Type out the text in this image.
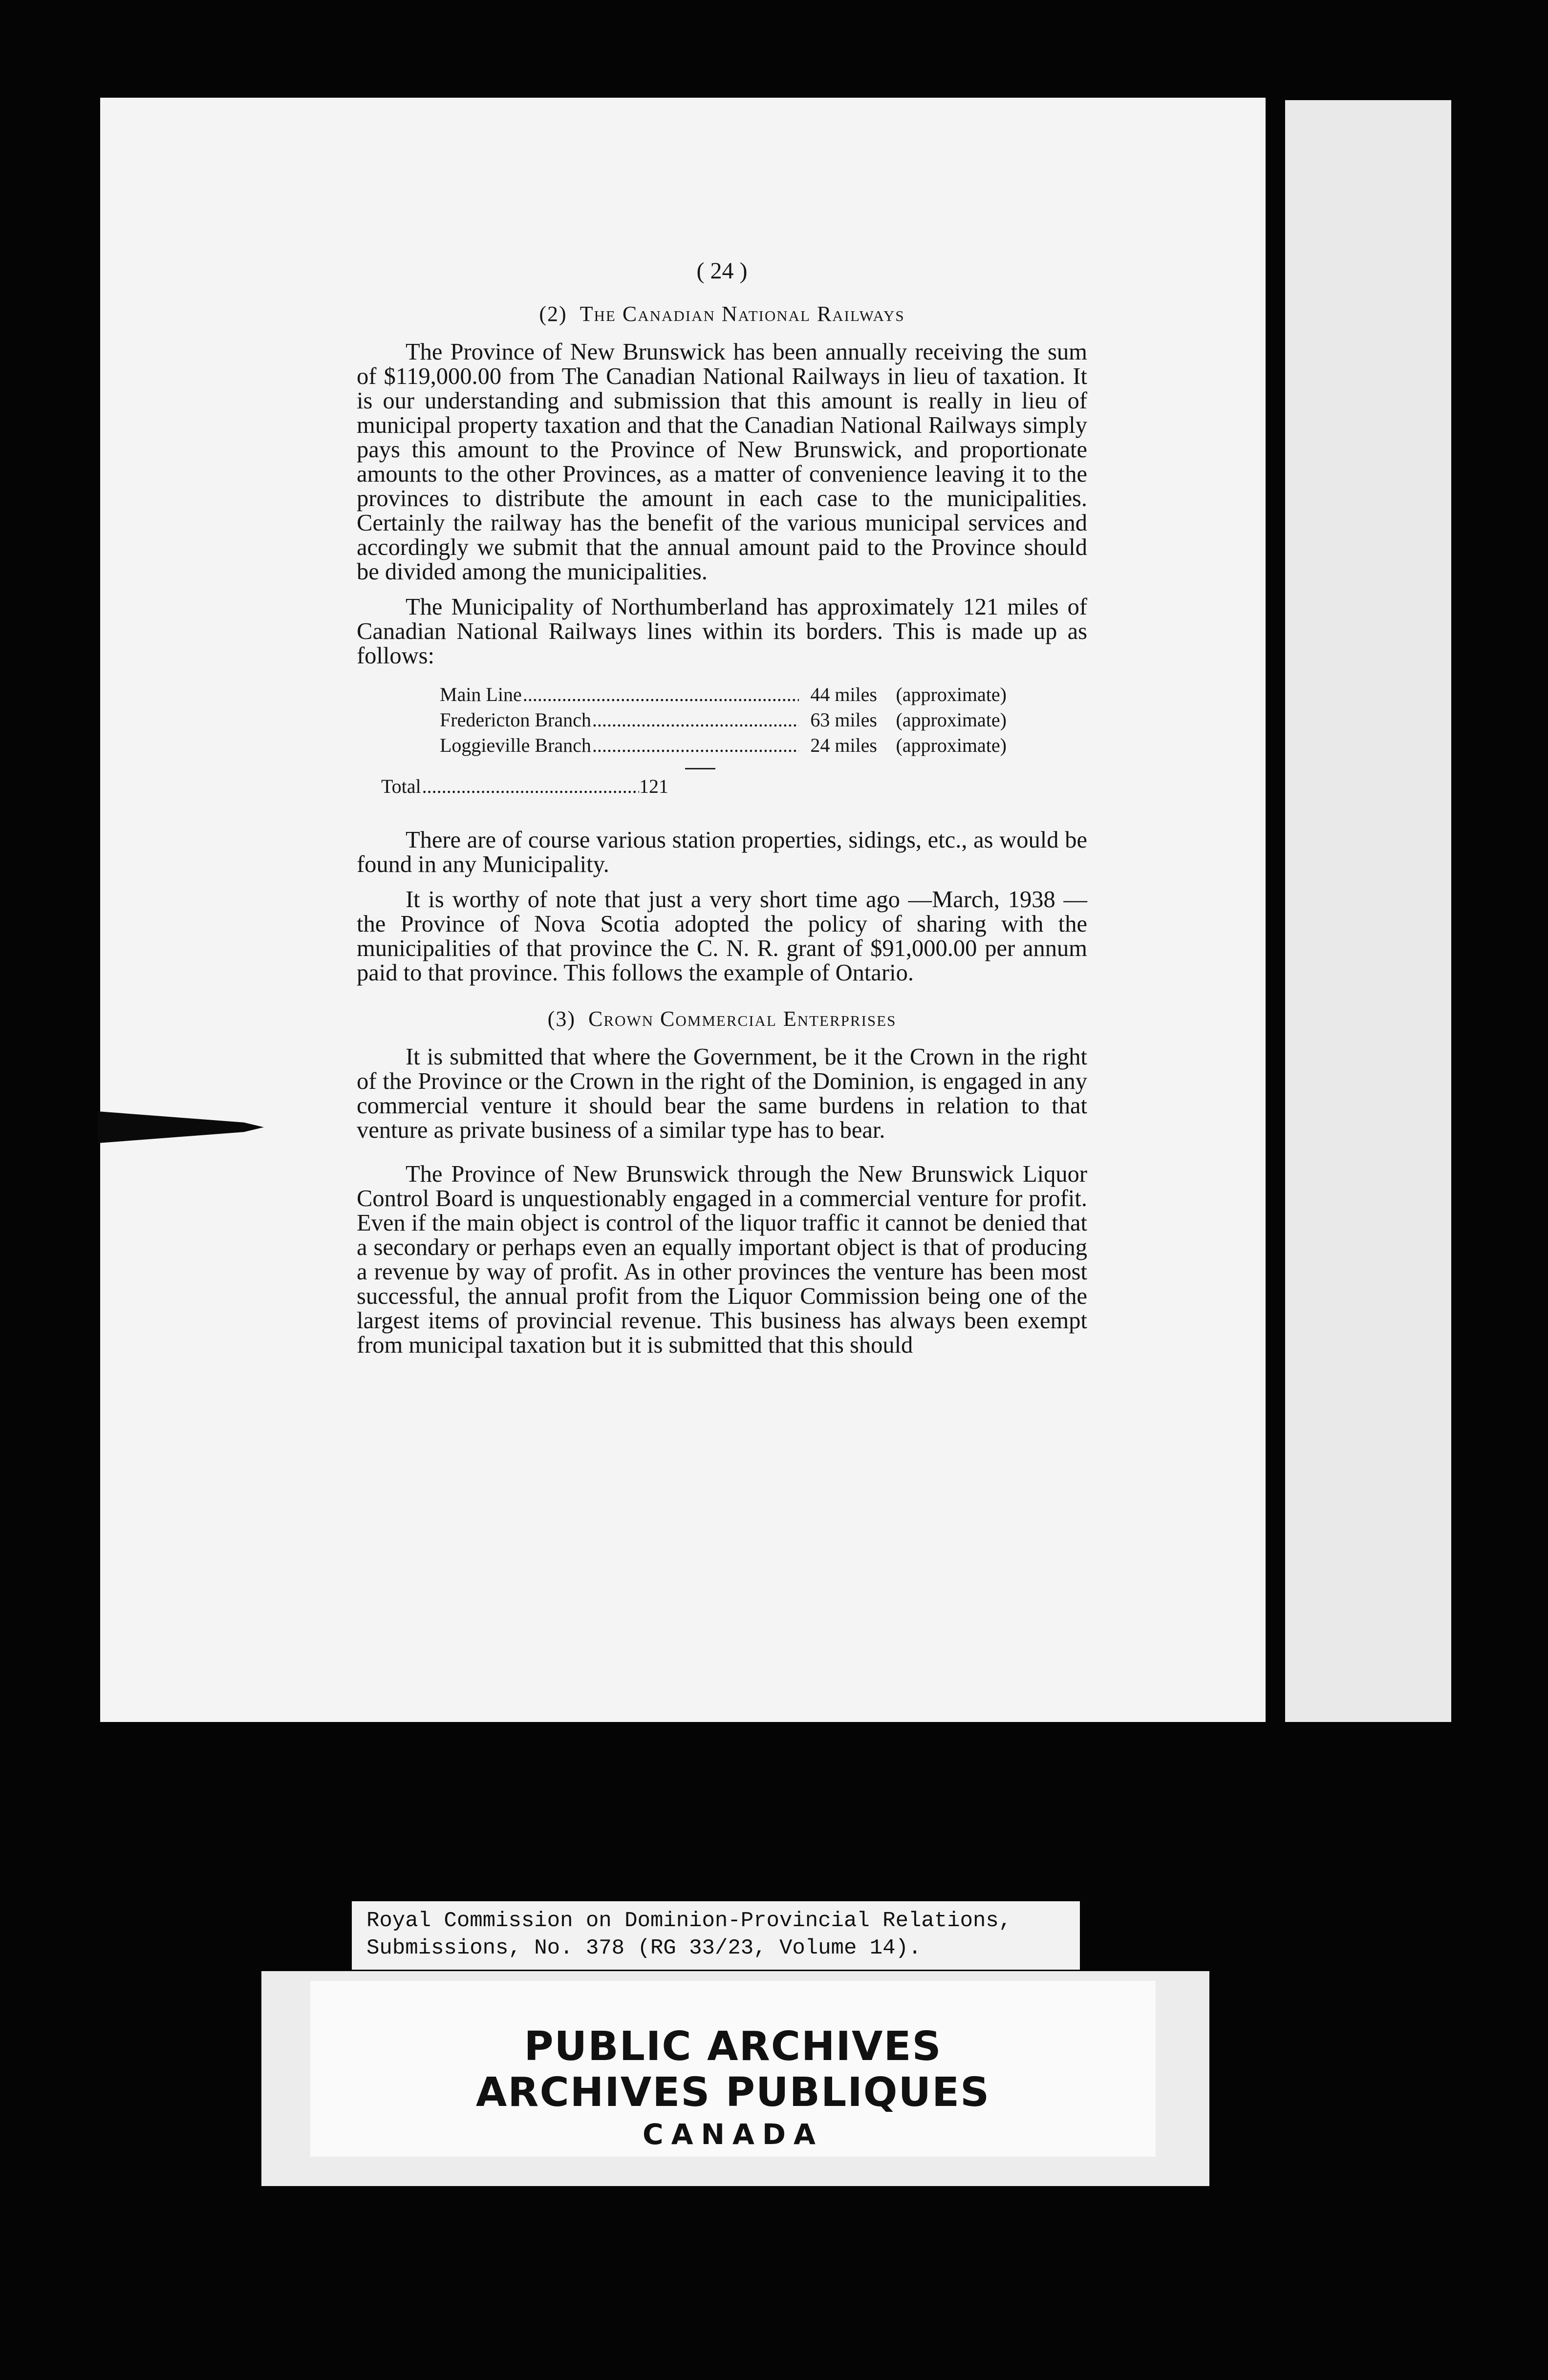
( 24 )
(2) The Canadian National Railways

The Province of New Brunswick has been annually receiving the sum of $119,000.00 from The Canadian National Railways in lieu of taxation. It is our understanding and submission that this amount is really in lieu of municipal property taxation and that the Canadian National Railways simply pays this amount to the Province of New Brunswick, and proportionate amounts to the other Provinces, as a matter of convenience leaving it to the provinces to distribute the amount in each case to the municipalities. Certainly the railway has the benefit of the various municipal services and accordingly we submit that the annual amount paid to the Province should be divided among the municipalities.

The Municipality of Northumberland has approximately 121 miles of Canadian National Railways lines within its borders. This is made up as follows:

Main Line .....	44 miles (approximate)
Fredericton Branch .....	63 miles (approximate)
Loggieville Branch .....	24 miles (approximate)
Total .....	121

There are of course various station properties, sidings, etc., as would be found in any Municipality.

It is worthy of note that just a very short time ago —March, 1938 — the Province of Nova Scotia adopted the policy of sharing with the municipalities of that province the C. N. R. grant of $91,000.00 per annum paid to that province. This follows the example of Ontario.

(3) Crown Commercial Enterprises

It is submitted that where the Government, be it the Crown in the right of the Province or the Crown in the right of the Dominion, is engaged in any commercial venture it should bear the same burdens in relation to that venture as private business of a similar type has to bear.

The Province of New Brunswick through the New Brunswick Liquor Control Board is unquestionably engaged in a commercial venture for profit. Even if the main object is control of the liquor traffic it cannot be denied that a secondary or perhaps even an equally important object is that of producing a revenue by way of profit. As in other provinces the venture has been most successful, the annual profit from the Liquor Commission being one of the largest items of provincial revenue. This business has always been exempt from municipal taxation but it is submitted that this should

Royal Commission on Dominion-Provincial Relations,
Submissions, No. 378 (RG 33/23, Volume 14).
PUBLIC ARCHIVES
ARCHIVES PUBLIQUES
CANADA
